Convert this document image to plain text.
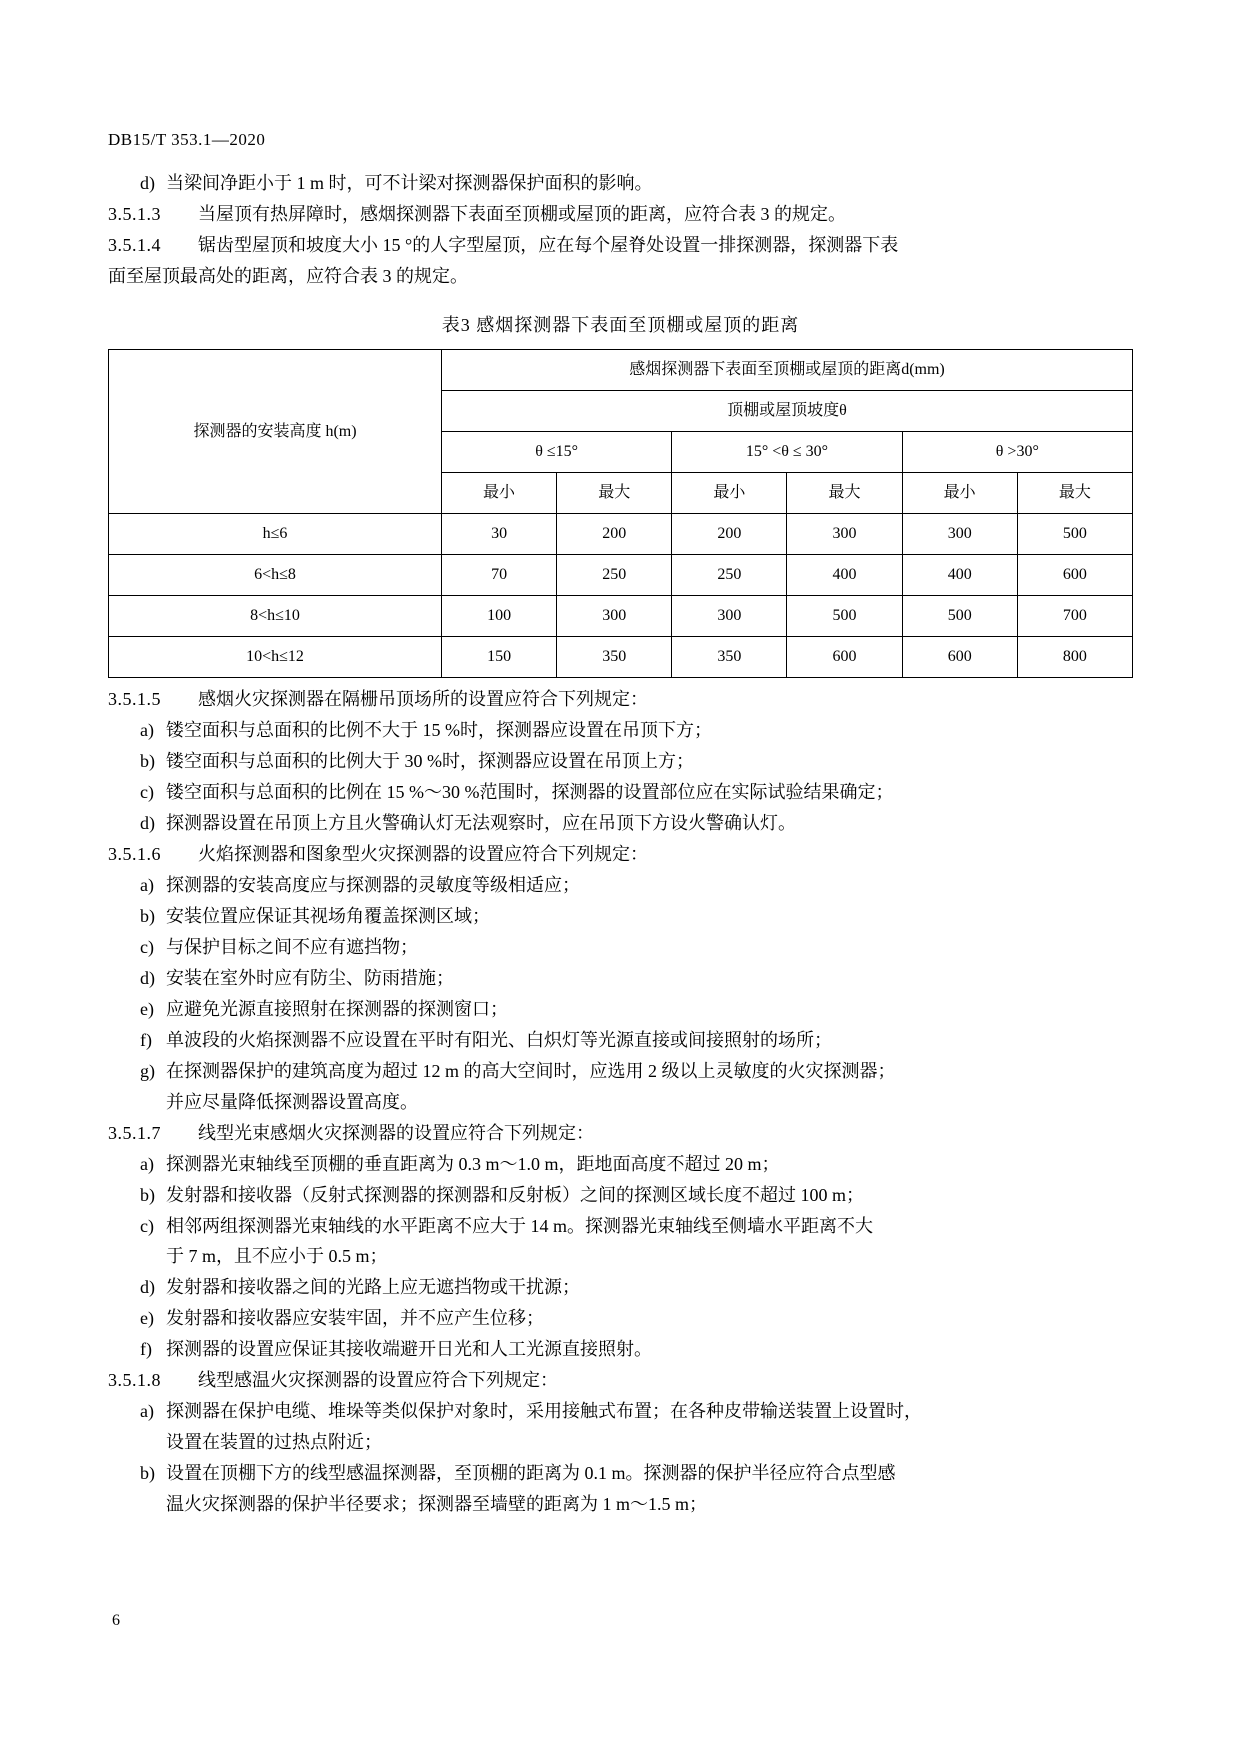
DB15/T 353.1—2020
d) 当梁间净距小于 1 m 时，可不计梁对探测器保护面积的影响。
3.5.1.3	当屋顶有热屏障时，感烟探测器下表面至顶棚或屋顶的距离，应符合表 3 的规定。
3.5.1.4	锯齿型屋顶和坡度大小 15 °的人字型屋顶，应在每个屋脊处设置一排探测器，探测器下表
面至屋顶最高处的距离，应符合表 3 的规定。
表3 感烟探测器下表面至顶棚或屋顶的距离
探测器的安装高度 h(m)	感烟探测器下表面至顶棚或屋顶的距离d(mm)					
	顶棚或屋顶坡度θ					
	θ ≤15°		15° <θ ≤ 30°		θ >30°	
	最小	最大	最小	最大	最小	最大
h≤6	30	200	200	300	300	500
6<h≤8	70	250	250	400	400	600
8<h≤10	100	300	300	500	500	700
10<h≤12	150	350	350	600	600	800
3.5.1.5	感烟火灾探测器在隔栅吊顶场所的设置应符合下列规定：
a) 镂空面积与总面积的比例不大于 15 %时，探测器应设置在吊顶下方；
b) 镂空面积与总面积的比例大于 30 %时，探测器应设置在吊顶上方；
c) 镂空面积与总面积的比例在 15 %～30 %范围时，探测器的设置部位应在实际试验结果确定；
d) 探测器设置在吊顶上方且火警确认灯无法观察时，应在吊顶下方设火警确认灯。
3.5.1.6	火焰探测器和图象型火灾探测器的设置应符合下列规定：
a) 探测器的安装高度应与探测器的灵敏度等级相适应；
b) 安装位置应保证其视场角覆盖探测区域；
c) 与保护目标之间不应有遮挡物；
d) 安装在室外时应有防尘、防雨措施；
e) 应避免光源直接照射在探测器的探测窗口；
f) 单波段的火焰探测器不应设置在平时有阳光、白炽灯等光源直接或间接照射的场所；
g) 在探测器保护的建筑高度为超过 12 m 的高大空间时，应选用 2 级以上灵敏度的火灾探测器；
并应尽量降低探测器设置高度。
3.5.1.7	线型光束感烟火灾探测器的设置应符合下列规定：
a) 探测器光束轴线至顶棚的垂直距离为 0.3 m～1.0 m，距地面高度不超过 20 m；
b) 发射器和接收器（反射式探测器的探测器和反射板）之间的探测区域长度不超过 100 m；
c) 相邻两组探测器光束轴线的水平距离不应大于 14 m。探测器光束轴线至侧墙水平距离不大
于 7 m，且不应小于 0.5 m；
d) 发射器和接收器之间的光路上应无遮挡物或干扰源；
e) 发射器和接收器应安装牢固，并不应产生位移；
f) 探测器的设置应保证其接收端避开日光和人工光源直接照射。
3.5.1.8	线型感温火灾探测器的设置应符合下列规定：
a) 探测器在保护电缆、堆垛等类似保护对象时，采用接触式布置；在各种皮带输送装置上设置时，
设置在装置的过热点附近；
b) 设置在顶棚下方的线型感温探测器，至顶棚的距离为 0.1 m。探测器的保护半径应符合点型感
温火灾探测器的保护半径要求；探测器至墙壁的距离为 1 m～1.5 m；
6
